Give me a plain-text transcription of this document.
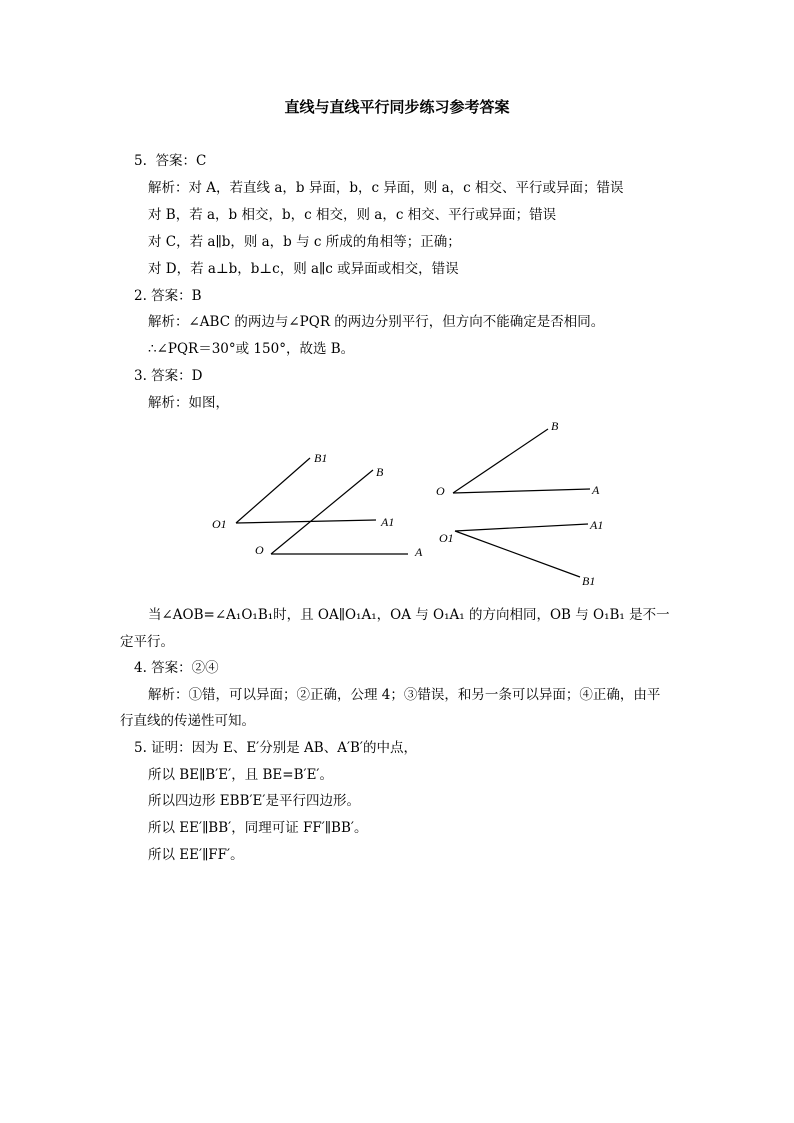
直线与直线平行同步练习参考答案
5.  答案：C
解析：对 A，若直线 a，b 异面，b，c 异面，则 a，c 相交、平行或异面；错误
对 B，若 a，b 相交，b，c 相交，则 a，c 相交、平行或异面；错误
对 C，若 a∥b，则 a，b 与 c 所成的角相等；正确；
对 D，若 a⊥b，b⊥c，则 a∥c 或异面或相交，错误
2. 答案：B
解析：∠ABC 的两边与∠PQR 的两边分别平行，但方向不能确定是否相同。
∴∠PQR＝30°或 150°，故选 B。
3. 答案：D
解析：如图，
B1
B
O1	A1
O	A
B
O	A
A1
O1
B1
当∠AOB=∠A₁O₁B₁时，且 OA∥O₁A₁，OA 与 O₁A₁ 的方向相同，OB 与 O₁B₁ 是不一
定平行。
4. 答案：②④
解析：①错，可以异面；②正确，公理 4；③错误，和另一条可以异面；④正确，由平
行直线的传递性可知。
5. 证明：因为 E、E′分别是 AB、A′B′的中点，
所以 BE∥B′E′，且 BE=B′E′。
所以四边形 EBB′E′是平行四边形。
所以 EE′∥BB′，同理可证 FF′∥BB′。
所以 EE′∥FF′。
